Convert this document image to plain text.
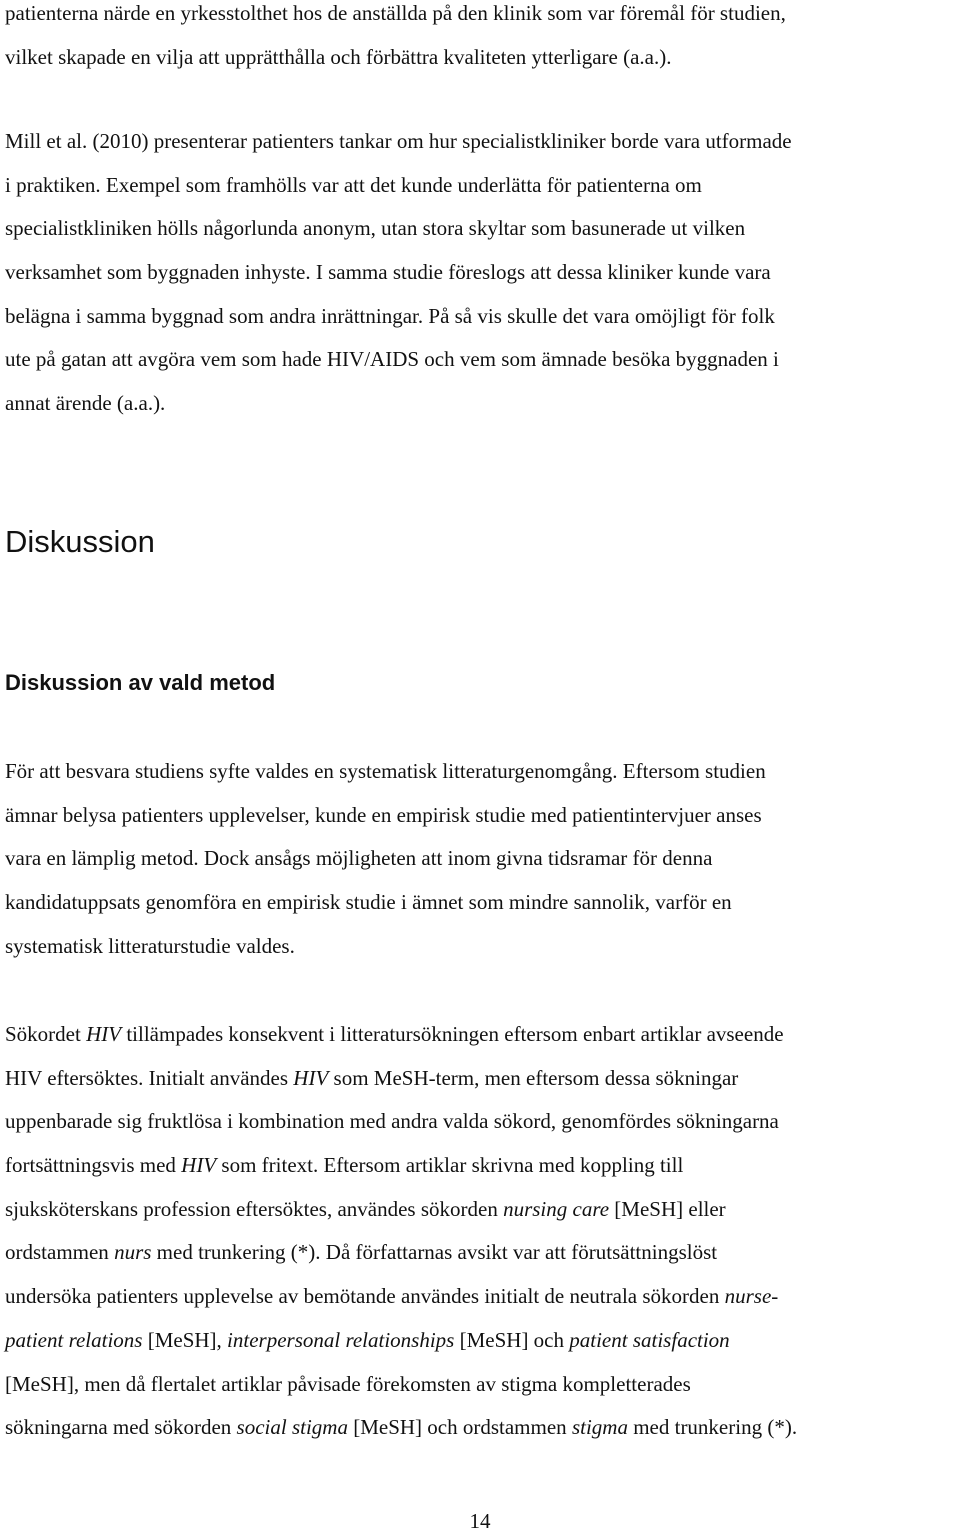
patienterna närde en yrkesstolthet hos de anställda på den klinik som var föremål för studien,
vilket skapade en vilja att upprätthålla och förbättra kvaliteten ytterligare (a.a.).

Mill et al. (2010) presenterar patienters tankar om hur specialistkliniker borde vara utformade
i praktiken. Exempel som framhölls var att det kunde underlätta för patienterna om
specialistkliniken hölls någorlunda anonym, utan stora skyltar som basunerade ut vilken
verksamhet som byggnaden inhyste. I samma studie föreslogs att dessa kliniker kunde vara
belägna i samma byggnad som andra inrättningar. På så vis skulle det vara omöjligt för folk
ute på gatan att avgöra vem som hade HIV/AIDS och vem som ämnade besöka byggnaden i
annat ärende (a.a.).

Diskussion
Diskussion av vald metod

För att besvara studiens syfte valdes en systematisk litteraturgenomgång. Eftersom studien
ämnar belysa patienters upplevelser, kunde en empirisk studie med patientintervjuer anses
vara en lämplig metod. Dock ansågs möjligheten att inom givna tidsramar för denna
kandidatuppsats genomföra en empirisk studie i ämnet som mindre sannolik, varför en
systematisk litteraturstudie valdes.

Sökordet HIV tillämpades konsekvent i litteratursökningen eftersom enbart artiklar avseende
HIV eftersöktes. Initialt användes HIV som MeSH-term, men eftersom dessa sökningar
uppenbarade sig fruktlösa i kombination med andra valda sökord, genomfördes sökningarna
fortsättningsvis med HIV som fritext. Eftersom artiklar skrivna med koppling till
sjuksköterskans profession eftersöktes, användes sökorden nursing care [MeSH] eller
ordstammen nurs med trunkering (*). Då författarnas avsikt var att förutsättningslöst
undersöka patienters upplevelse av bemötande användes initialt de neutrala sökorden nurse-
patient relations [MeSH], interpersonal relationships [MeSH] och patient satisfaction
[MeSH], men då flertalet artiklar påvisade förekomsten av stigma kompletterades
sökningarna med sökorden social stigma [MeSH] och ordstammen stigma med trunkering (*).

14
